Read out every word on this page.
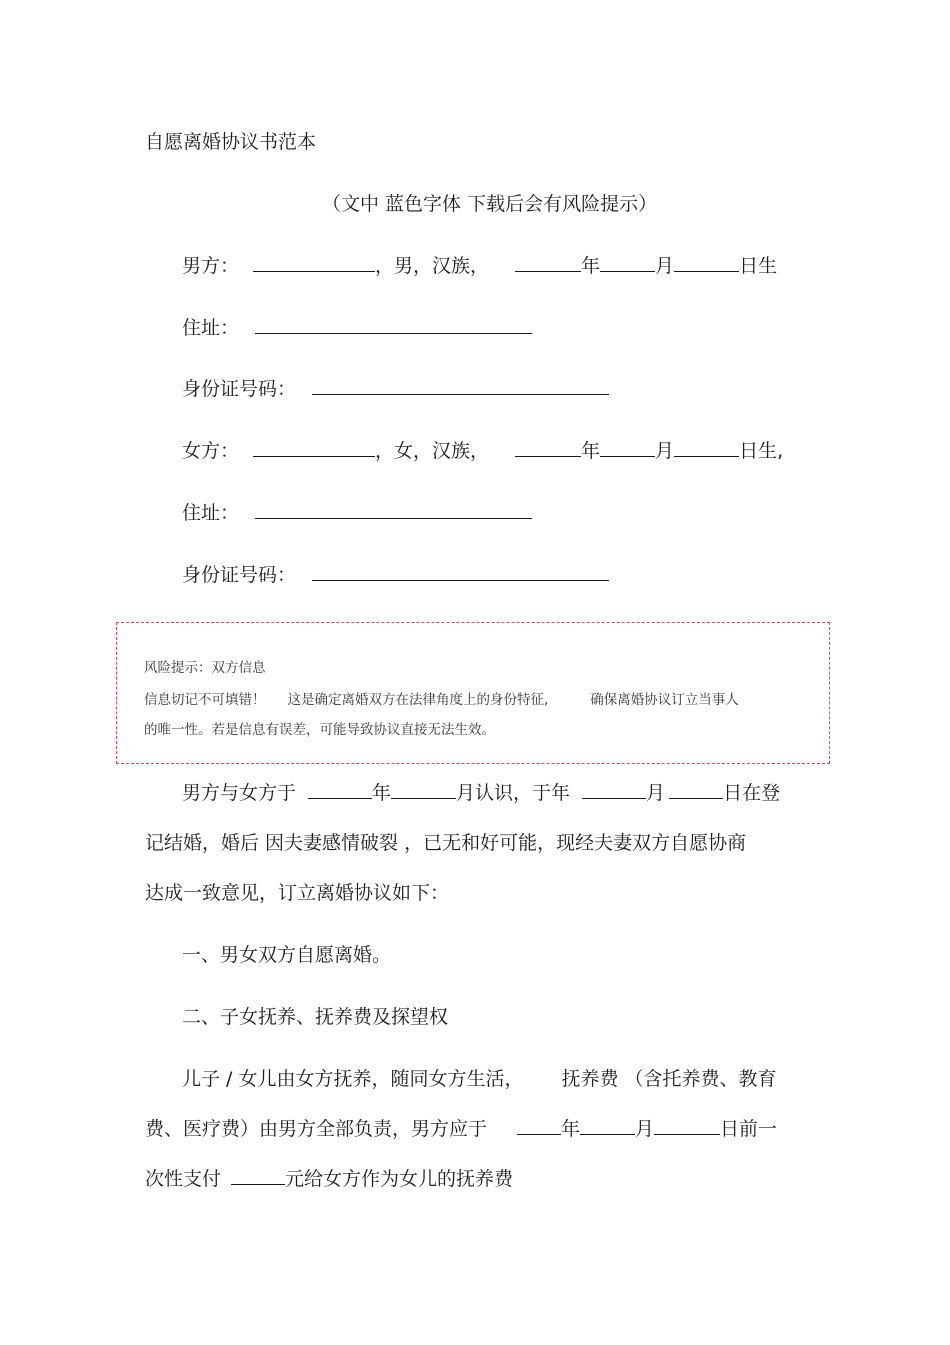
自愿离婚协议书范本
（文中 蓝色字体 下载后会有风险提示）
男方：	，男，汉族，	年	月	日生
住址：
身份证号码：
女方：	，女，汉族，	年	月	日生,
住址：
身份证号码：
风险提示：双方信息
信息切记不可填错！ 这是确定离婚双方在法律角度上的身份特征,	确保离婚协议订立当事人
的唯一性。若是信息有误差，可能导致协议直接无法生效。
男方与女方于	年	月认识，于年	月	日在登
记结婚，婚后 因夫妻感情破裂 ，已无和好可能，现经夫妻双方自愿协商
达成一致意见，订立离婚协议如下：
一、男女双方自愿离婚。
二、子女抚养、抚养费及探望权
儿子 / 女儿由女方抚养，随同女方生活， 抚养费 （含托养费、教育
费、医疗费）由男方全部负责，男方应于	年	月	日前一
次性支付	元给女方作为女儿的抚养费
